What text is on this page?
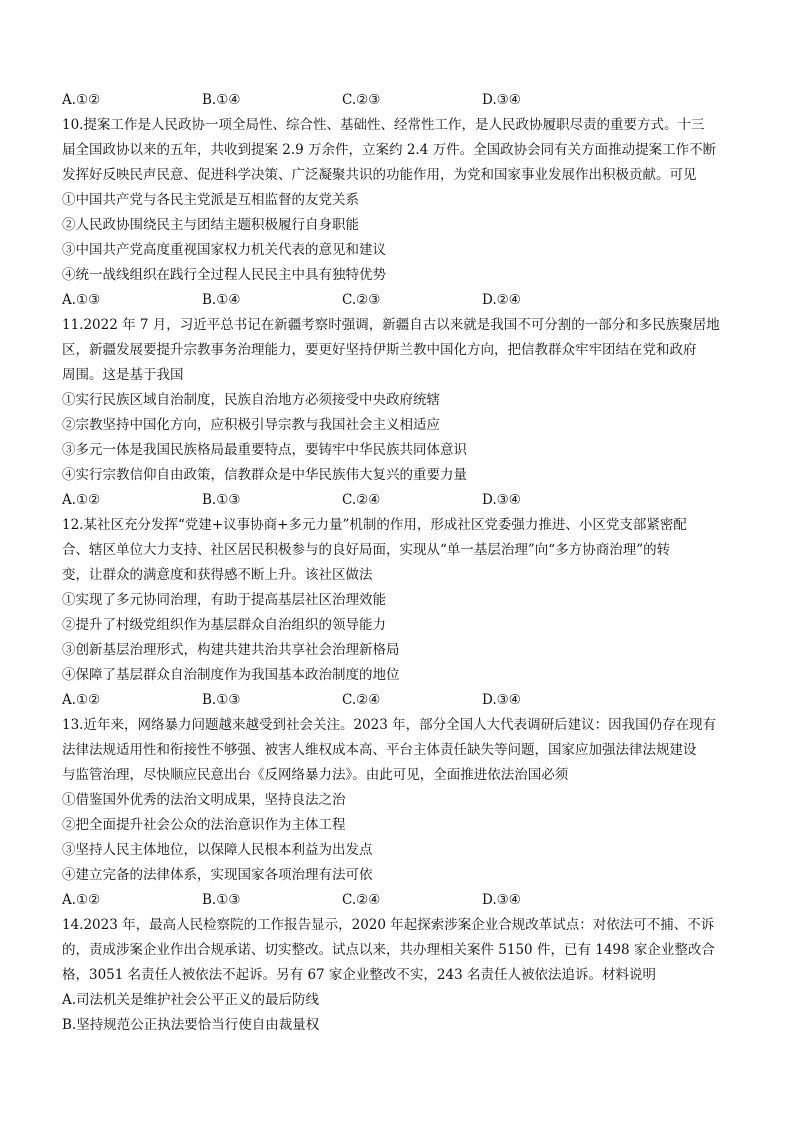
A.①②	B.①④	C.②③	D.③④
10.提案工作是人民政协一项全局性、综合性、基础性、经常性工作，是人民政协履职尽责的重要方式。十三
届全国政协以来的五年，共收到提案 2.9 万余件，立案约 2.4 万件。全国政协会同有关方面推动提案工作不断
发挥好反映民声民意、促进科学决策、广泛凝聚共识的功能作用，为党和国家事业发展作出积极贡献。可见
①中国共产党与各民主党派是互相监督的友党关系
②人民政协围绕民主与团结主题积极履行自身职能
③中国共产党高度重视国家权力机关代表的意见和建议
④统一战线组织在践行全过程人民民主中具有独特优势
A.①③	B.①④	C.②③	D.②④
11.2022 年 7 月，习近平总书记在新疆考察时强调，新疆自古以来就是我国不可分割的一部分和多民族聚居地
区，新疆发展要提升宗教事务治理能力，要更好坚持伊斯兰教中国化方向，把信教群众牢牢团结在党和政府
周围。这是基于我国
①实行民族区域自治制度，民族自治地方必须接受中央政府统辖
②宗教坚持中国化方向，应积极引导宗教与我国社会主义相适应
③多元一体是我国民族格局最重要特点，要铸牢中华民族共同体意识
④实行宗教信仰自由政策，信教群众是中华民族伟大复兴的重要力量
A.①②	B.①③	C.②④	D.③④
12.某社区充分发挥“党建+议事协商+多元力量”机制的作用，形成社区党委强力推进、小区党支部紧密配
合、辖区单位大力支持、社区居民积极参与的良好局面，实现从“单一基层治理”向“多方协商治理”的转
变，让群众的满意度和获得感不断上升。该社区做法
①实现了多元协同治理，有助于提高基层社区治理效能
②提升了村级党组织作为基层群众自治组织的领导能力
③创新基层治理形式，构建共建共治共享社会治理新格局
④保障了基层群众自治制度作为我国基本政治制度的地位
A.①②	B.①③	C.②④	D.③④
13.近年来，网络暴力问题越来越受到社会关注。2023 年，部分全国人大代表调研后建议：因我国仍存在现有
法律法规适用性和衔接性不够强、被害人维权成本高、平台主体责任缺失等问题，国家应加强法律法规建设
与监管治理，尽快顺应民意出台《反网络暴力法》。由此可见，全面推进依法治国必须
①借鉴国外优秀的法治文明成果，坚持良法之治
②把全面提升社会公众的法治意识作为主体工程
③坚持人民主体地位，以保障人民根本利益为出发点
④建立完备的法律体系，实现国家各项治理有法可依
A.①②	B.①③	C.②④	D.③④
14.2023 年，最高人民检察院的工作报告显示，2020 年起探索涉案企业合规改革试点：对依法可不捕、不诉
的，责成涉案企业作出合规承诺、切实整改。试点以来，共办理相关案件 5150 件，已有 1498 家企业整改合
格，3051 名责任人被依法不起诉。另有 67 家企业整改不实，243 名责任人被依法追诉。材料说明
A.司法机关是维护社会公平正义的最后防线
B.坚持规范公正执法要恰当行使自由裁量权
